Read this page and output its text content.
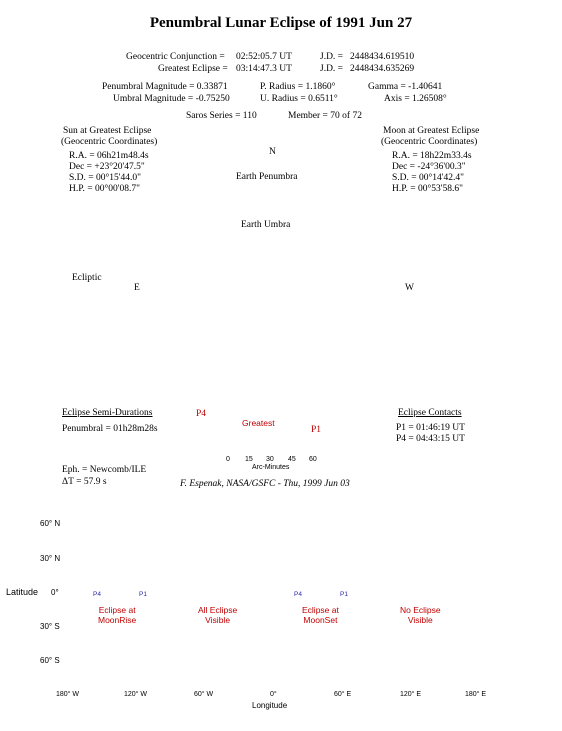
Penumbral Lunar Eclipse of 1991 Jun 27
Geocentric Conjunction = 02:52:05.7 UT	J.D. = 2448434.619510
Greatest Eclipse = 03:14:47.3 UT	J.D. = 2448434.635269
Penumbral Magnitude = 0.33871	P. Radius = 1.1860°	Gamma = -1.40641
Umbral Magnitude = -0.75250	U. Radius = 0.6511°	Axis = 1.26508°
Saros Series = 110	Member = 70 of 72
Sun at Greatest Eclipse
(Geocentric Coordinates)
R.A. = 06h21m48.4s
Dec = +23°20'47.5"
S.D. = 00°15'44.0"
H.P. = 00°00'08.7"
Moon at Greatest Eclipse
(Geocentric Coordinates)
R.A. = 18h22m33.4s
Dec = -24°36'00.3"
S.D. = 00°14'42.4"
H.P. = 00°53'58.6"
N
Earth Penumbra
Earth Umbra
Ecliptic
E	W
P4
Greatest
P1
Eclipse Semi-Durations
Penumbral = 01h28m28s
Eclipse Contacts
P1 = 01:46:19 UT
P4 = 04:43:15 UT
0 15 30 45 60
Arc-Minutes
Eph. = Newcomb/ILE
ΔT = 57.9 s	F. Espenak, NASA/GSFC - Thu, 1999 Jun 03
60° N
30° N
0°
30° S
60° S
Latitude
180° W	120° W	60° W	0°	60° E	120° E	180° E
Longitude
Eclipse at
MoonRise
All Eclipse
Visible
Eclipse at
MoonSet
No Eclipse
Visible
P4	P1	P4	P1
